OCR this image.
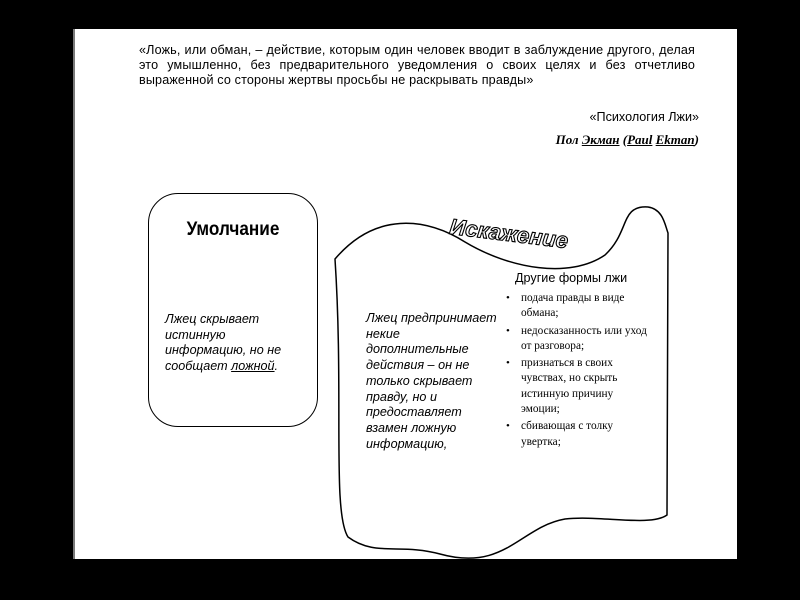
«Ложь, или обман, – действие, которым один человек вводит в заблуждение другого, делая это умышленно, без предварительного уведомления о своих целях и без отчетливо выраженной со стороны жертвы просьбы не раскрывать правды»
«Психология Лжи»
Пол Экман (Paul Ekman)
Умолчание
Лжец скрывает истинную информацию, но не сообщает ложной.
Искажение
Лжец предпринимает некие дополнительные действия – он не только скрывает правду, но и предоставляет взамен ложную информацию,
Другие формы лжи
• подача правды в виде обмана;
• недосказанность или уход от разговора;
• признаться в своих чувствах, но скрыть истинную причину эмоции;
• сбивающая с толку увертка;
